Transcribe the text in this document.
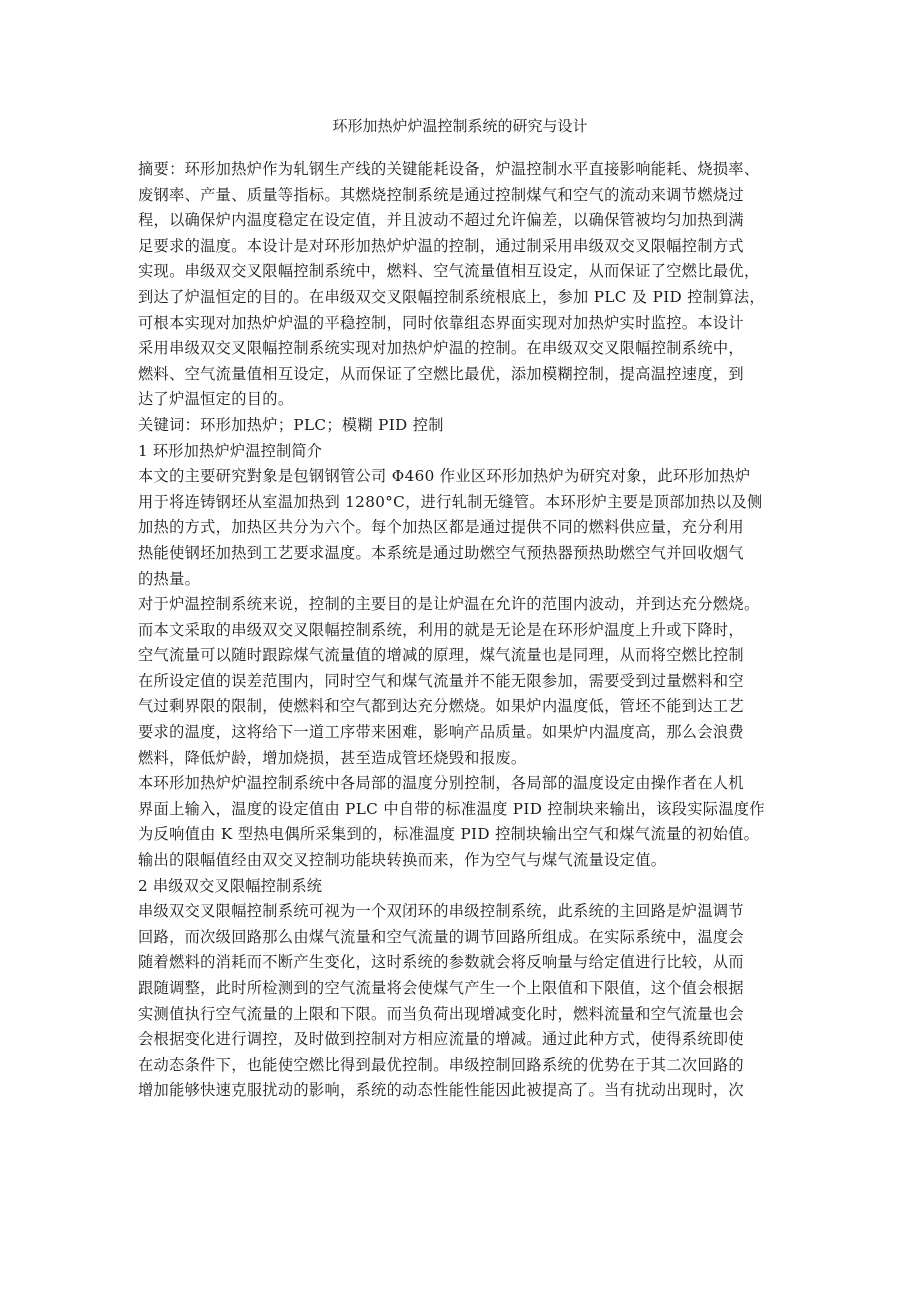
环形加热炉炉温控制系统的研究与设计
摘要：环形加热炉作为轧钢生产线的关键能耗设备，炉温控制水平直接影响能耗、烧损率、
废钢率、产量、质量等指标。其燃烧控制系统是通过控制煤气和空气的流动来调节燃烧过
程，以确保炉内温度稳定在设定值，并且波动不超过允许偏差，以确保管被均匀加热到满
足要求的温度。本设计是对环形加热炉炉温的控制，通过制采用串级双交叉限幅控制方式
实现。串级双交叉限幅控制系统中，燃料、空气流量值相互设定，从而保证了空燃比最优，
到达了炉温恒定的目的。在串级双交叉限幅控制系统根底上，参加 PLC 及 PID 控制算法，
可根本实现对加热炉炉温的平稳控制，同时依靠组态界面实现对加热炉实时监控。本设计
采用串级双交叉限幅控制系统实现对加热炉炉温的控制。在串级双交叉限幅控制系统中，
燃料、空气流量值相互设定，从而保证了空燃比最优，添加模糊控制，提高温控速度，到
达了炉温恒定的目的。
关键词：环形加热炉；PLC；模糊 PID 控制
1 环形加热炉炉温控制简介
本文的主要研究對象是包钢钢管公司 Φ460 作业区环形加热炉为研究对象，此环形加热炉
用于将连铸钢坯从室温加热到 1280°C，进行轧制无缝管。本环形炉主要是顶部加热以及侧
加热的方式，加热区共分为六个。每个加热区都是通过提供不同的燃料供应量，充分利用
热能使钢坯加热到工艺要求温度。本系统是通过助燃空气预热器预热助燃空气并回收烟气
的热量。
对于炉温控制系统来说，控制的主要目的是让炉温在允许的范围内波动，并到达充分燃烧。
而本文采取的串级双交叉限幅控制系统，利用的就是无论是在环形炉温度上升或下降时，
空气流量可以随时跟踪煤气流量值的增减的原理，煤气流量也是同理，从而将空燃比控制
在所设定值的误差范围内，同时空气和煤气流量并不能无限参加，需要受到过量燃料和空
气过剩界限的限制，使燃料和空气都到达充分燃烧。如果炉内温度低，管坯不能到达工艺
要求的温度，这将给下一道工序带来困难，影响产品质量。如果炉内温度高，那么会浪费
燃料，降低炉龄，增加烧损，甚至造成管坯烧毁和报废。
本环形加热炉炉温控制系统中各局部的温度分别控制，各局部的温度设定由操作者在人机
界面上输入，温度的设定值由 PLC 中自带的标准温度 PID 控制块来输出，该段实际温度作
为反响值由 K 型热电偶所采集到的，标准温度 PID 控制块输出空气和煤气流量的初始值。
输出的限幅值经由双交叉控制功能块转换而来，作为空气与煤气流量设定值。
2 串级双交叉限幅控制系统
串级双交叉限幅控制系统可视为一个双闭环的串级控制系统，此系统的主回路是炉温调节
回路，而次级回路那么由煤气流量和空气流量的调节回路所组成。在实际系统中，温度会
随着燃料的消耗而不断产生变化，这时系统的参数就会将反响量与给定值进行比较，从而
跟随调整，此时所检测到的空气流量将会使煤气产生一个上限值和下限值，这个值会根据
实测值执行空气流量的上限和下限。而当负荷出现增减变化时，燃料流量和空气流量也会
会根据变化进行调控，及时做到控制对方相应流量的增减。通过此种方式，使得系统即使
在动态条件下，也能使空燃比得到最优控制。串级控制回路系统的优势在于其二次回路的
增加能够快速克服扰动的影响，系统的动态性能性能因此被提高了。当有扰动出现时，次
